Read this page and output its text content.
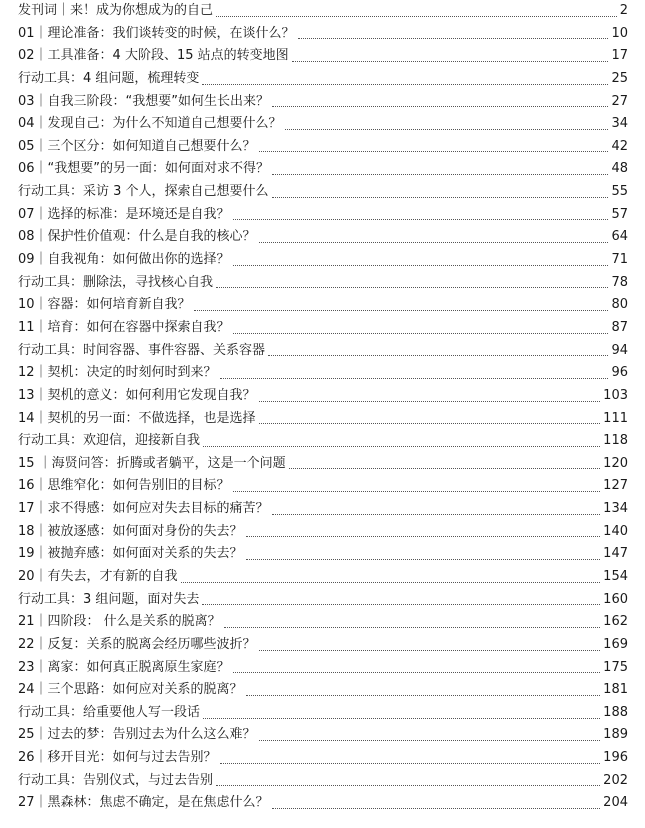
发刊词｜来！成为你想成为的自己	2
01｜理论准备：我们谈转变的时候，在谈什么？	10
02｜工具准备：4 大阶段、15 站点的转变地图	17
行动工具：4 组问题，梳理转变	25
03｜自我三阶段：“我想要”如何生长出来？	27
04｜发现自己：为什么不知道自己想要什么？	34
05｜三个区分：如何知道自己想要什么？	42
06｜“我想要”的另一面：如何面对求不得？	48
行动工具：采访 3 个人，探索自己想要什么	55
07｜选择的标准：是环境还是自我？	57
08｜保护性价值观：什么是自我的核心？	64
09｜自我视角：如何做出你的选择？	71
行动工具：删除法，寻找核心自我	78
10｜容器：如何培育新自我？	80
11｜培育：如何在容器中探索自我？	87
行动工具：时间容器、事件容器、关系容器	94
12｜契机：决定的时刻何时到来？	96
13｜契机的意义：如何利用它发现自我？	103
14｜契机的另一面：不做选择，也是选择	111
行动工具：欢迎信，迎接新自我	118
15 ｜海贤问答：折腾或者躺平，这是一个问题	120
16｜思维窄化：如何告别旧的目标？	127
17｜求不得感：如何应对失去目标的痛苦？	134
18｜被放逐感：如何面对身份的失去？	140
19｜被抛弃感：如何面对关系的失去？	147
20｜有失去，才有新的自我	154
行动工具：3 组问题，面对失去	160
21｜四阶段： 什么是关系的脱离？	162
22｜反复：关系的脱离会经历哪些波折？	169
23｜离家：如何真正脱离原生家庭？	175
24｜三个思路：如何应对关系的脱离？	181
行动工具：给重要他人写一段话	188
25｜过去的梦：告别过去为什么这么难？	189
26｜移开目光：如何与过去告别？	196
行动工具：告别仪式，与过去告别	202
27｜黑森林：焦虑不确定，是在焦虑什么？	204
